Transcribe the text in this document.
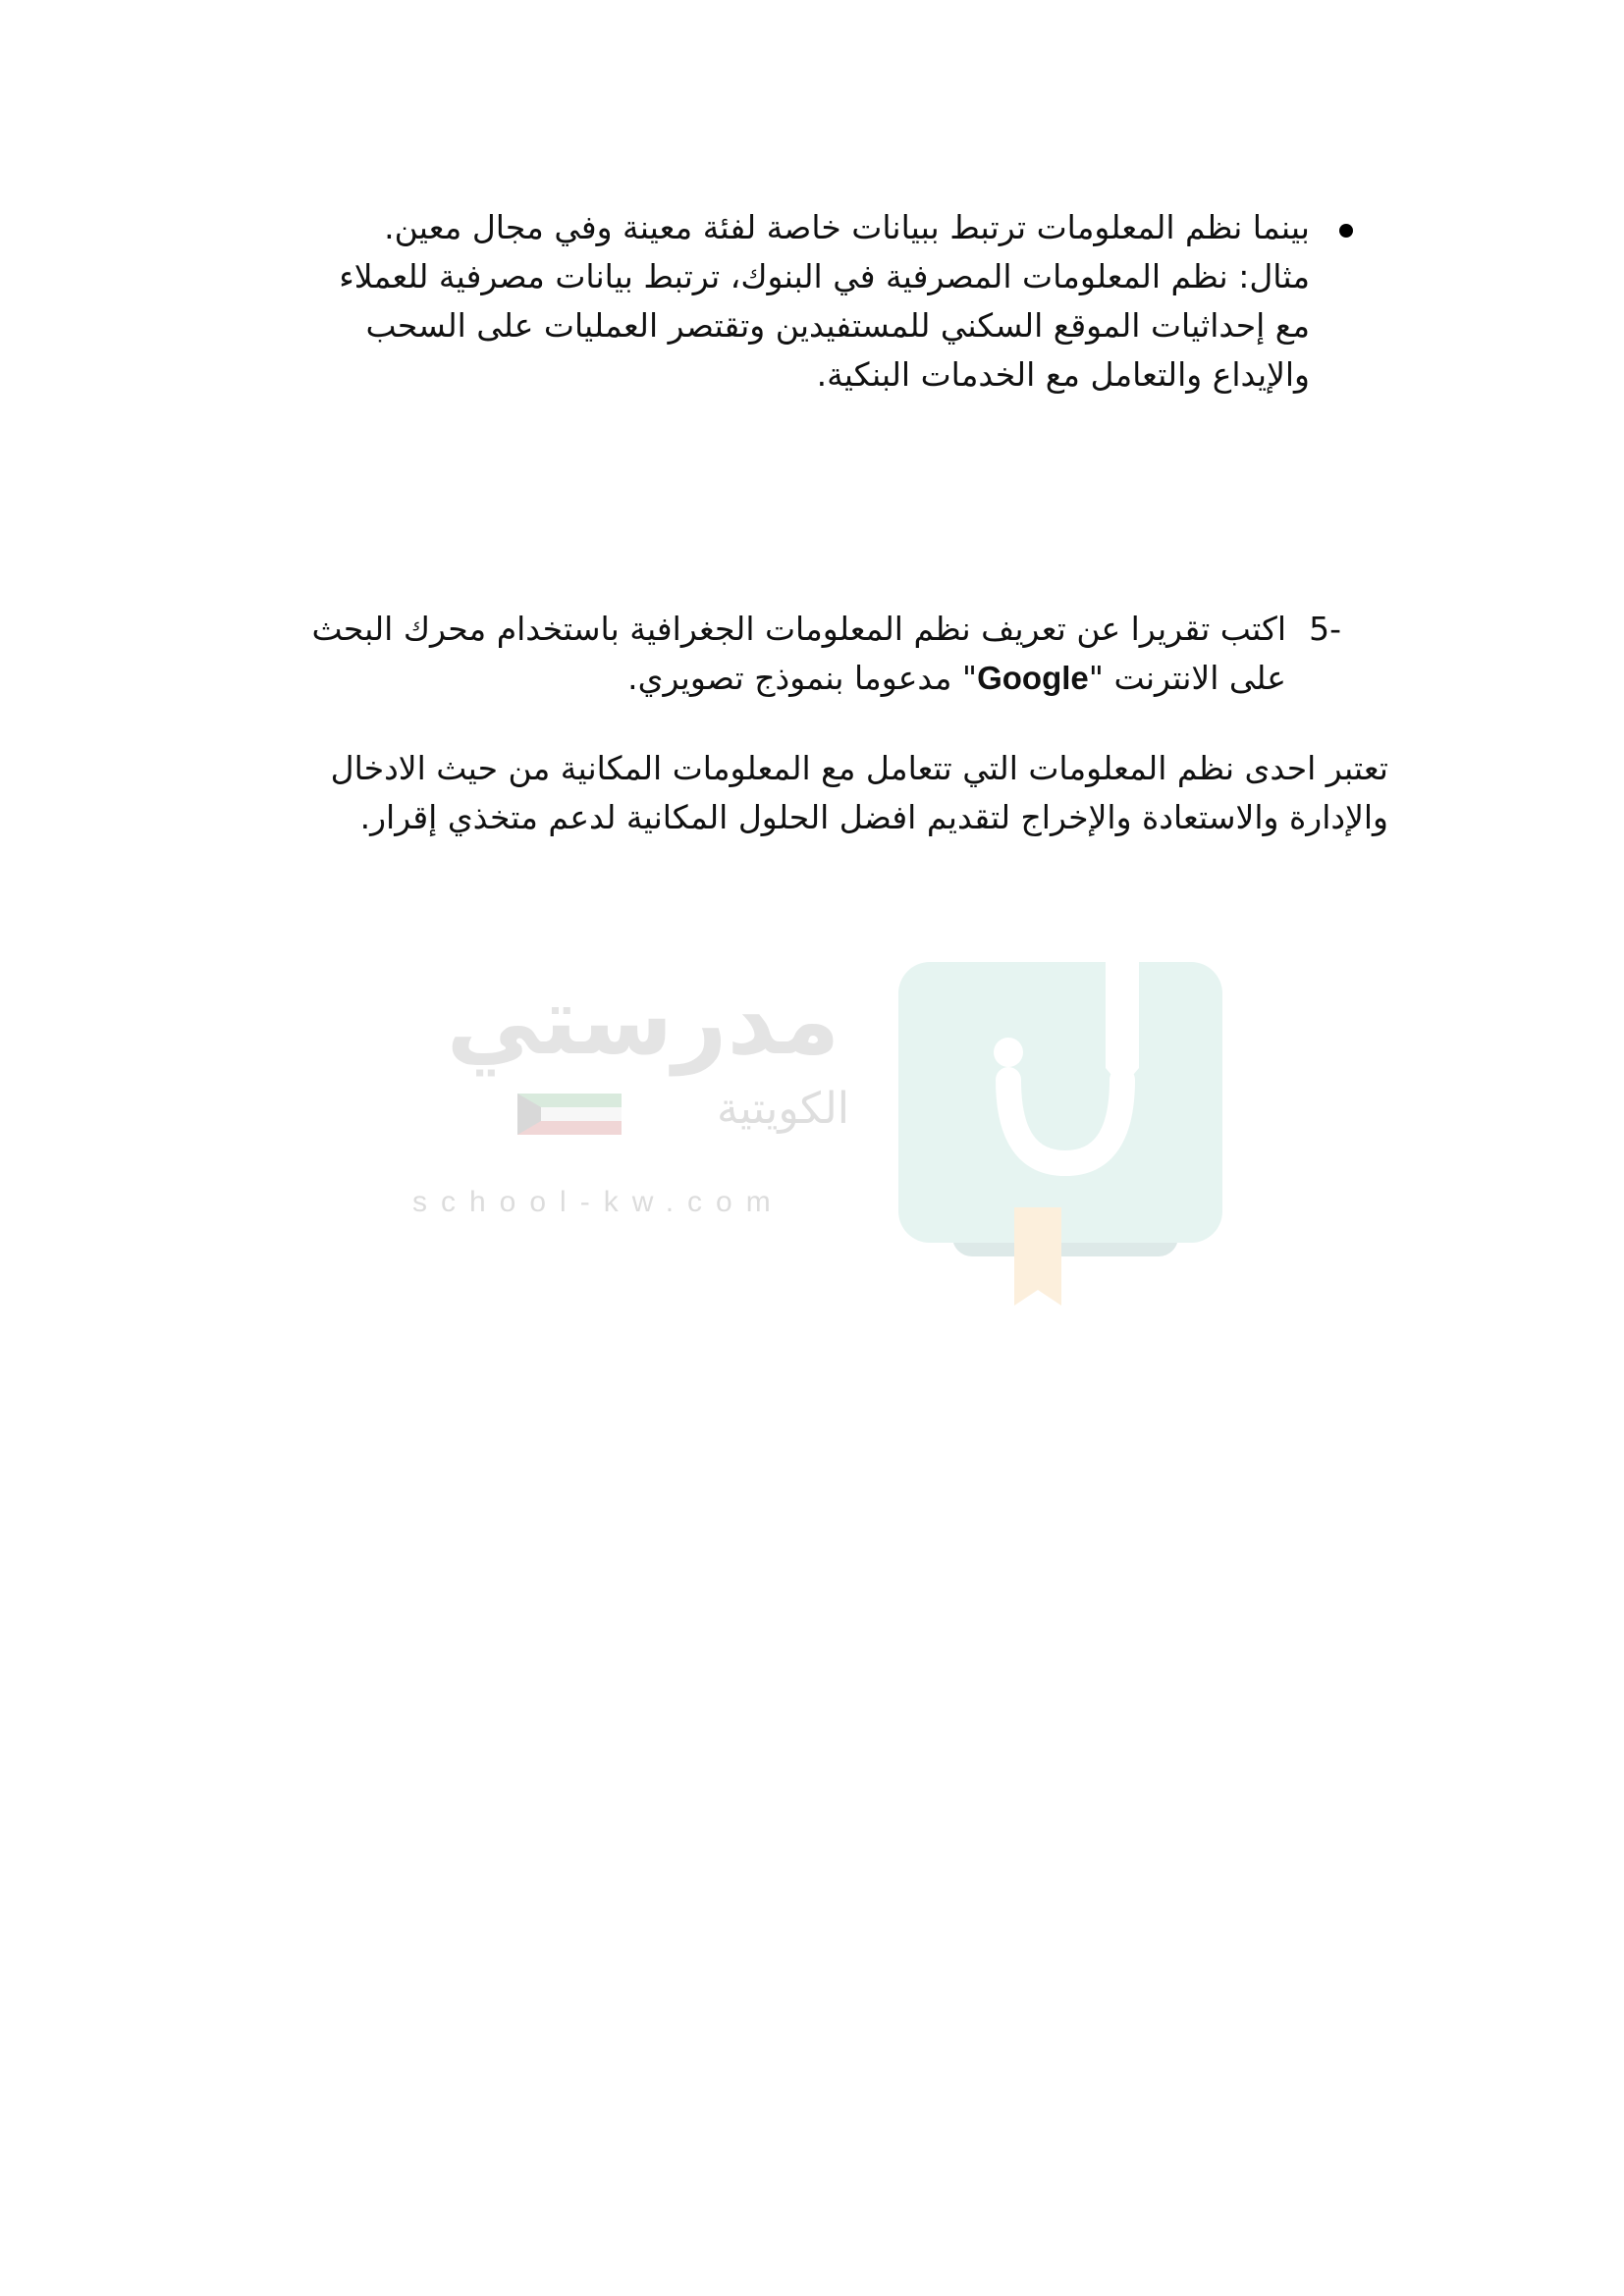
بينما نظم المعلومات ترتبط ببيانات خاصة لفئة معينة وفي مجال معين.
مثال: نظم المعلومات المصرفية في البنوك، ترتبط بيانات مصرفية للعملاء
مع إحداثيات الموقع السكني للمستفيدين وتقتصر العمليات على السحب
والإيداع والتعامل مع الخدمات البنكية.
-5
اكتب تقريرا عن تعريف نظم المعلومات الجغرافية باستخدام محرك البحث
على الانترنت "Google" مدعوما بنموذج تصويري.
تعتبر احدى نظم المعلومات التي تتعامل مع المعلومات المكانية من حيث الادخال
والإدارة والاستعادة والإخراج لتقديم افضل الحلول المكانية لدعم متخذي إقرار.
مدرستي
الكويتية
school-kw.com
